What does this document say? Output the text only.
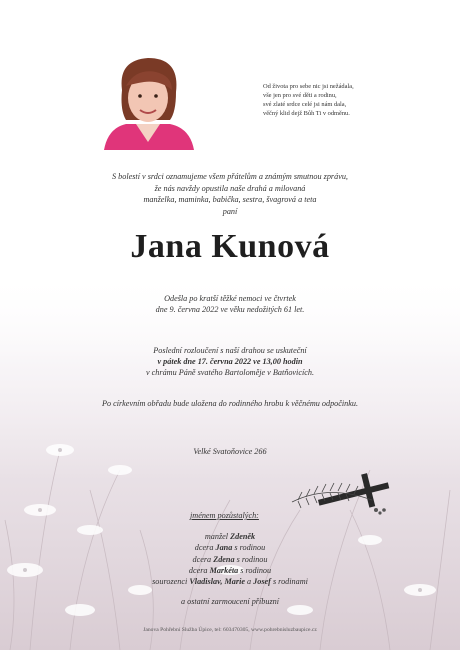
Od života pro sebe nic jsi nežádala,
vše jen pro své děti a rodinu,
své zlaté srdce celé jsi nám dala,
věčný klid dejž Bůh Ti v odměnu.
S bolestí v srdci oznamujeme všem přátelům a známým smutnou zprávu,
že nás navždy opustila naše drahá a milovaná
manželka, maminka, babička, sestra, švagrová a teta
paní
Jana Kunová
Odešla po kratší těžké nemoci ve čtvrtek
dne 9. června 2022 ve věku nedožitých 61 let.
Poslední rozloučení s naší drahou se uskuteční
v pátek dne 17. června 2022 ve 13,00 hodin
v chrámu Páně svatého Bartoloměje v Batňovicích.
Po církevním obřadu bude uložena do rodinného hrobu k věčnému odpočinku.
Velké Svatoňovice 266
jménem pozůstalých:
manžel Zdeněk
dcera Jana s rodinou
dcera Zdena s rodinou
dcera Markéta s rodinou
sourozenci Vladislav, Marie a Josef s rodinami
a ostatní zarmoucení příbuzní
Janova Pohřební Služba Úpice, tel: 603470305, www.pohrebnisluzbaupice.cz
